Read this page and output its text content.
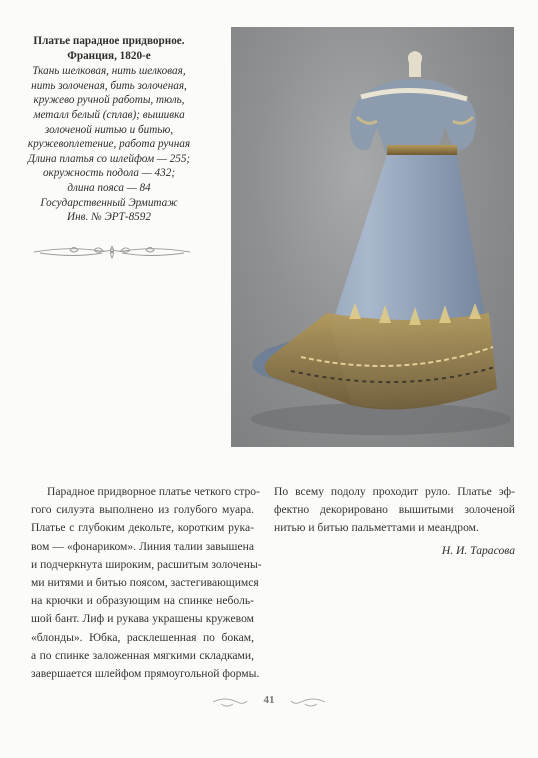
Платье парадное придворное.
Франция, 1820-е
Ткань шелковая, нить шелковая,
нить золоченая, бить золоченая,
кружево ручной работы, тюль,
металл белый (сплав); вышивка
золоченой нитью и битью,
кружевоплетение, работа ручная
Длина платья со шлейфом — 255;
окружность подола — 432;
длина пояса — 84
Государственный Эрмитаж
Инв. № ЭРТ-8592
Парадное придворное платье четкого стро-
гого силуэта выполнено из голубого муара.
Платье с глубоким декольте, коротким рука-
вом — «фонариком». Линия талии завышена
и подчеркнута широким, расшитым золочены-
ми нитями и битью поясом, застегивающимся
на крючки и образующим на спинке неболь-
шой бант. Лиф и рукава украшены кружевом
«блонды». Юбка, расклешенная по бокам,
а по спинке заложенная мягкими складками,
завершается шлейфом прямоугольной формы.
По всему подолу проходит руло. Платье эф-
фектно декорировано вышитыми золоченой
нитью и битью пальметтами и меандром.
Н. И. Тарасова
41
